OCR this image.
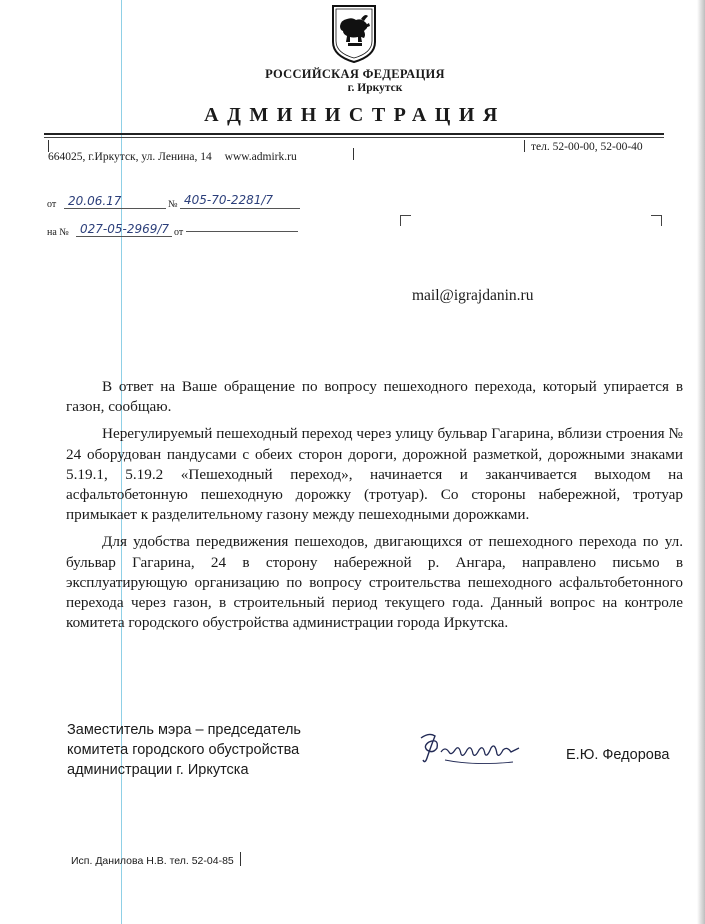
РОССИЙСКАЯ ФЕДЕРАЦИЯ
г. Иркутск
АДМИНИСТРАЦИЯ
664025, г.Иркутск, ул. Ленина, 14 www.admirk.ru
тел. 52-00-00, 52-00-40
от 20.06.17	№ 405-70-2281/7
на № 027-05-2969/7 от
mail@igrajdanin.ru

В ответ на Ваше обращение по вопросу пешеходного перехода, который упирается в газон, сообщаю.

Нерегулируемый пешеходный переход через улицу бульвар Гагарина, вблизи строения № 24 оборудован пандусами с обеих сторон дороги, дорожной разметкой, дорожными знаками 5.19.1, 5.19.2 «Пешеходный переход», начинается и заканчивается выходом на асфальтобетонную пешеходную дорожку (тротуар). Со стороны набережной, тротуар примыкает к разделительному газону между пешеходными дорожками.

Для удобства передвижения пешеходов, двигающихся от пешеходного перехода по ул. бульвар Гагарина, 24 в сторону набережной р. Ангара, направлено письмо в эксплуатирующую организацию по вопросу строительства пешеходного асфальтобетонного перехода через газон, в строительный период текущего года. Данный вопрос на контроле комитета городского обустройства администрации города Иркутска.

Заместитель мэра – председатель
комитета городского обустройства
администрации г. Иркутска
Е.Ю. Федорова
Исп. Данилова Н.В. тел. 52-04-85
